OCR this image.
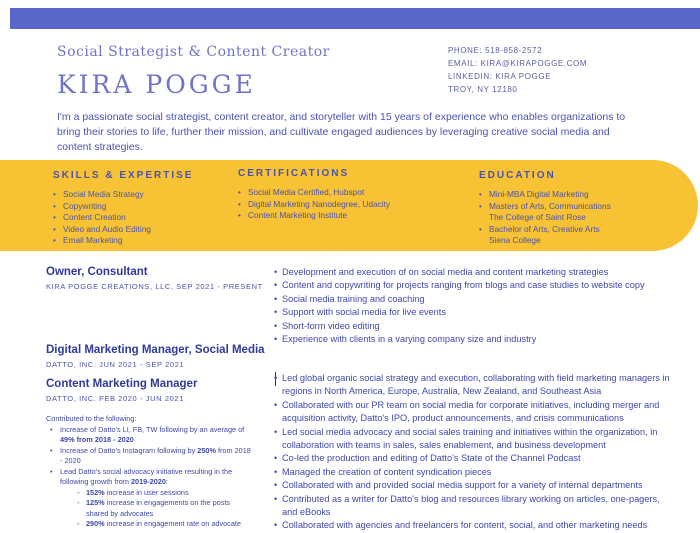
Social Strategist & Content Creator
KIRA POGGE
PHONE: 518-858-2572
EMAIL: KIRA@KIRAPOGGE.COM
LINKEDIN: KIRA POGGE
TROY, NY 12180
I'm a passionate social strategist, content creator, and storyteller with 15 years of experience who enables organizations to bring their stories to life, further their mission, and cultivate engaged audiences by leveraging creative social media and content strategies.
SKILLS & EXPERTISE
• Social Media Strategy
• Copywriting
• Content Creation
• Video and Audio Editing
• Email Marketing
CERTIFICATIONS
• Social Media Certified, Hubspot
• Digital Marketing Nanodegree, Udacity
• Content Marketing Institute
EDUCATION
• Mini-MBA Digital Marketing
• Masters of Arts, Communications
The College of Saint Rose
• Bachelor of Arts, Creative Arts
Siena College
Owner, Consultant
KIRA POGGE CREATIONS, LLC, SEP 2021 - PRESENT
• Development and execution of on social media and content marketing strategies
• Content and copywriting for projects ranging from blogs and case studies to website copy
• Social media training and coaching
• Support with social media for live events
• Short-form video editing
• Experience with clients in a varying company size and industry
Digital Marketing Manager, Social Media
DATTO, INC. JUN 2021 - SEP 2021
Content Marketing Manager
DATTO, INC. FEB 2020 - JUN 2021
• Led global organic social strategy and execution, collaborating with field marketing managers in regions in North America, Europe, Australia, New Zealand, and Southeast Asia
• Collaborated with our PR team on social media for corporate initiatives, including merger and acquisition activity, Datto's IPO, product announcements, and crisis communications
• Led social media advocacy and social sales training and initiatives within the organization, in collaboration with teams in sales, sales enablement, and business development
• Co-led the production and editing of Datto's State of the Channel Podcast
• Managed the creation of content syndication pieces
• Collaborated with and provided social media support for a variety of internal departments
• Contributed as a writer for Datto's blog and resources library working on articles, one-pagers, and eBooks
• Collaborated with agencies and freelancers for content, social, and other marketing needs
Contributed to the following:
• Increase of Datto's LI, FB, TW following by an average of 49% from 2018 - 2020
• Increase of Datto's Instagram following by 250% from 2018 - 2020
• Lead Datto's social advocacy initiative resulting in the following growth from 2019-2020:
◦ 152% increase in user sessions
◦ 125% increase in engagements on the posts shared by advocates
◦ 290% increase in engagement rate on advocate
